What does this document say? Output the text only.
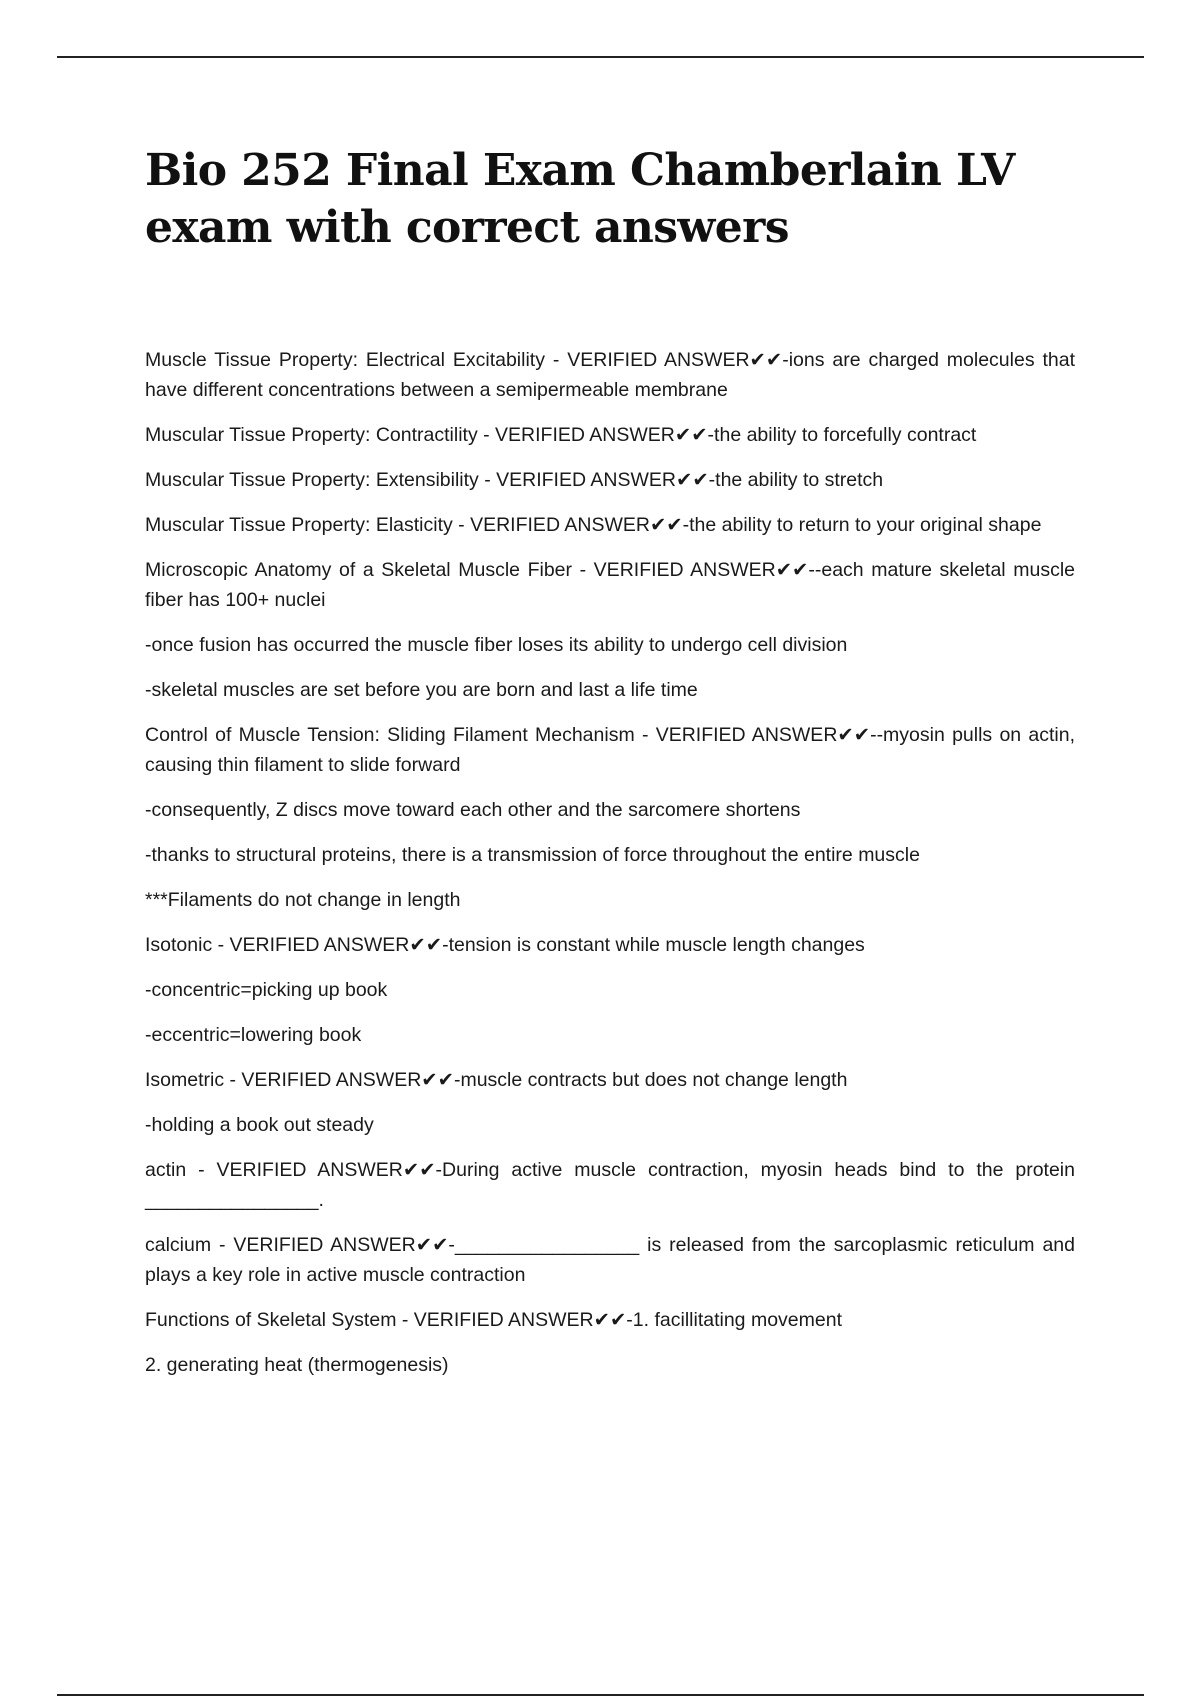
Bio 252 Final Exam Chamberlain LV exam with correct answers

Muscle Tissue Property: Electrical Excitability - VERIFIED ANSWER✔✔-ions are charged molecules that have different concentrations between a semipermeable membrane

Muscular Tissue Property: Contractility - VERIFIED ANSWER✔✔-the ability to forcefully contract

Muscular Tissue Property: Extensibility - VERIFIED ANSWER✔✔-the ability to stretch

Muscular Tissue Property: Elasticity - VERIFIED ANSWER✔✔-the ability to return to your original shape

Microscopic Anatomy of a Skeletal Muscle Fiber - VERIFIED ANSWER✔✔--each mature skeletal muscle fiber has 100+ nuclei

-once fusion has occurred the muscle fiber loses its ability to undergo cell division

-skeletal muscles are set before you are born and last a life time

Control of Muscle Tension: Sliding Filament Mechanism - VERIFIED ANSWER✔✔--myosin pulls on actin, causing thin filament to slide forward

-consequently, Z discs move toward each other and the sarcomere shortens

-thanks to structural proteins, there is a transmission of force throughout the entire muscle

***Filaments do not change in length

Isotonic - VERIFIED ANSWER✔✔-tension is constant while muscle length changes

-concentric=picking up book

-eccentric=lowering book

Isometric - VERIFIED ANSWER✔✔-muscle contracts but does not change length

-holding a book out steady

actin - VERIFIED ANSWER✔✔-During active muscle contraction, myosin heads bind to the protein ________________.

calcium - VERIFIED ANSWER✔✔-_________________ is released from the sarcoplasmic reticulum and plays a key role in active muscle contraction

Functions of Skeletal System - VERIFIED ANSWER✔✔-1. facillitating movement

2. generating heat (thermogenesis)
